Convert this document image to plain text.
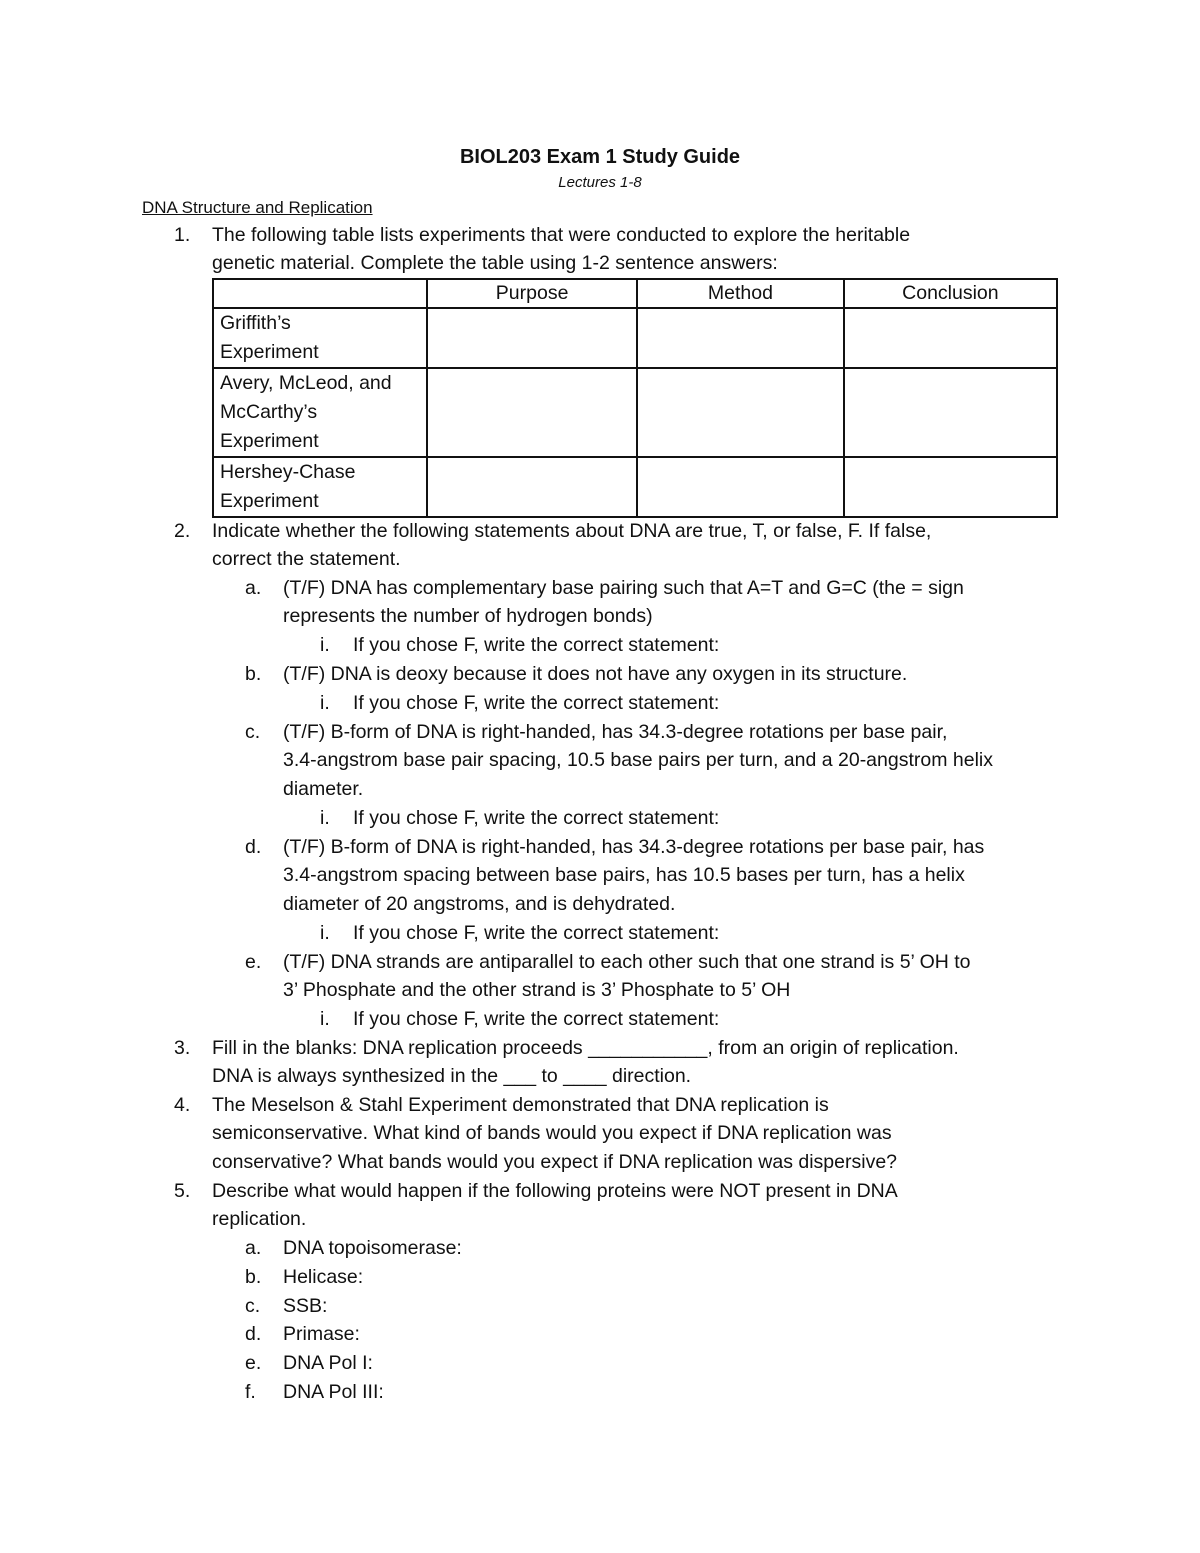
BIOL203 Exam 1 Study Guide
Lectures 1-8
DNA Structure and Replication
1.	The following table lists experiments that were conducted to explore the heritable
genetic material. Complete the table using 1-2 sentence answers:
	Purpose	Method	Conclusion

Griffith’s
Experiment			

Avery, McLeod, and
McCarthy’s
Experiment			

Hershey-Chase
Experiment			

2.	Indicate whether the following statements about DNA are true, T, or false, F. If false,
correct the statement.
a. (T/F) DNA has complementary base pairing such that A=T and G=C (the = sign
represents the number of hydrogen bonds)
i. If you chose F, write the correct statement:
b. (T/F) DNA is deoxy because it does not have any oxygen in its structure.
i. If you chose F, write the correct statement:
c. (T/F) B-form of DNA is right-handed, has 34.3-degree rotations per base pair,
3.4-angstrom base pair spacing, 10.5 base pairs per turn, and a 20-angstrom helix
diameter.
i. If you chose F, write the correct statement:
d. (T/F) B-form of DNA is right-handed, has 34.3-degree rotations per base pair, has
3.4-angstrom spacing between base pairs, has 10.5 bases per turn, has a helix
diameter of 20 angstroms, and is dehydrated.
i. If you chose F, write the correct statement:
e. (T/F) DNA strands are antiparallel to each other such that one strand is 5’ OH to
3’ Phosphate and the other strand is 3’ Phosphate to 5’ OH
i. If you chose F, write the correct statement:
3.	Fill in the blanks: DNA replication proceeds ___________, from an origin of replication.
DNA is always synthesized in the ___ to ____ direction.
4.	The Meselson & Stahl Experiment demonstrated that DNA replication is
semiconservative. What kind of bands would you expect if DNA replication was
conservative? What bands would you expect if DNA replication was dispersive?
5.	Describe what would happen if the following proteins were NOT present in DNA
replication.
a. DNA topoisomerase:
b. Helicase:
c. SSB:
d. Primase:
e. DNA Pol I:
f. DNA Pol III:
